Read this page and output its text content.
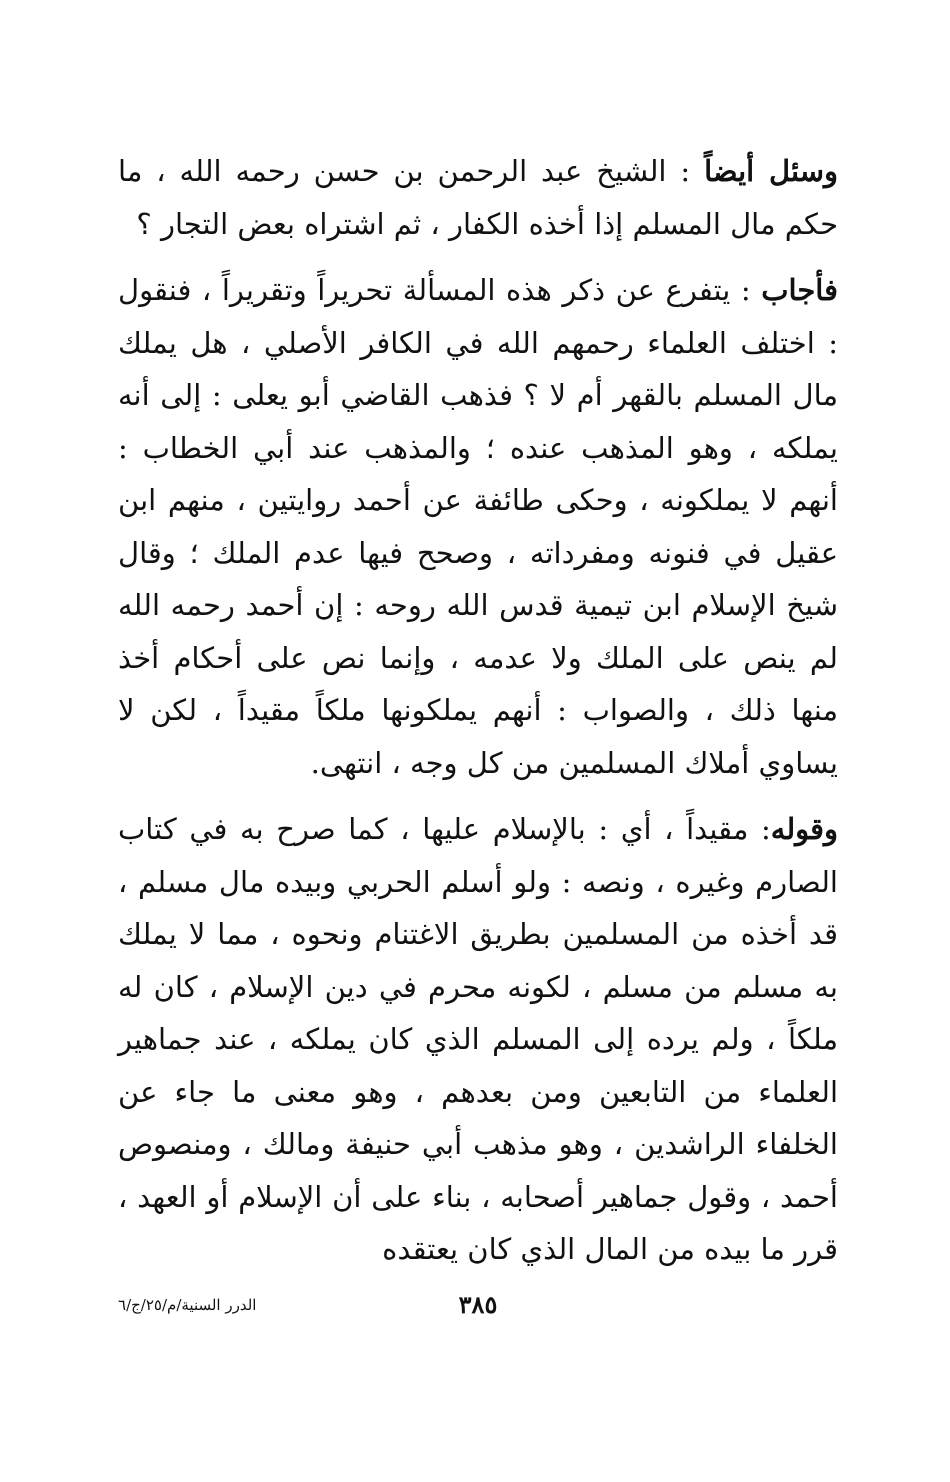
وسئل أيضاً : الشيخ عبد الرحمن بن حسن رحمه الله ، ما حكم مال المسلم إذا أخذه الكفار ، ثم اشتراه بعض التجار ؟

فأجاب : يتفرع عن ذكر هذه المسألة تحريراً وتقريراً ، فنقول : اختلف العلماء رحمهم الله في الكافر الأصلي ، هل يملك مال المسلم بالقهر أم لا ؟ فذهب القاضي أبو يعلى : إلى أنه يملكه ، وهو المذهب عنده ؛ والمذهب عند أبي الخطاب : أنهم لا يملكونه ، وحكى طائفة عن أحمد روايتين ، منهم ابن عقيل في فنونه ومفرداته ، وصحح فيها عدم الملك ؛ وقال شيخ الإسلام ابن تيمية قدس الله روحه : إن أحمد رحمه الله لم ينص على الملك ولا عدمه ، وإنما نص على أحكام أخذ منها ذلك ، والصواب : أنهم يملكونها ملكاً مقيداً ، لكن لا يساوي أملاك المسلمين من كل وجه ، انتهى.

وقوله: مقيداً ، أي : بالإسلام عليها ، كما صرح به في كتاب الصارم وغيره ، ونصه : ولو أسلم الحربي وبيده مال مسلم ، قد أخذه من المسلمين بطريق الاغتنام ونحوه ، مما لا يملك به مسلم من مسلم ، لكونه محرم في دين الإسلام ، كان له ملكاً ، ولم يرده إلى المسلم الذي كان يملكه ، عند جماهير العلماء من التابعين ومن بعدهم ، وهو معنى ما جاء عن الخلفاء الراشدين ، وهو مذهب أبي حنيفة ومالك ، ومنصوص أحمد ، وقول جماهير أصحابه ، بناء على أن الإسلام أو العهد ، قرر ما بيده من المال الذي كان يعتقده

٣٨٥
الدرر السنية/م/٢٥/ج/٦
